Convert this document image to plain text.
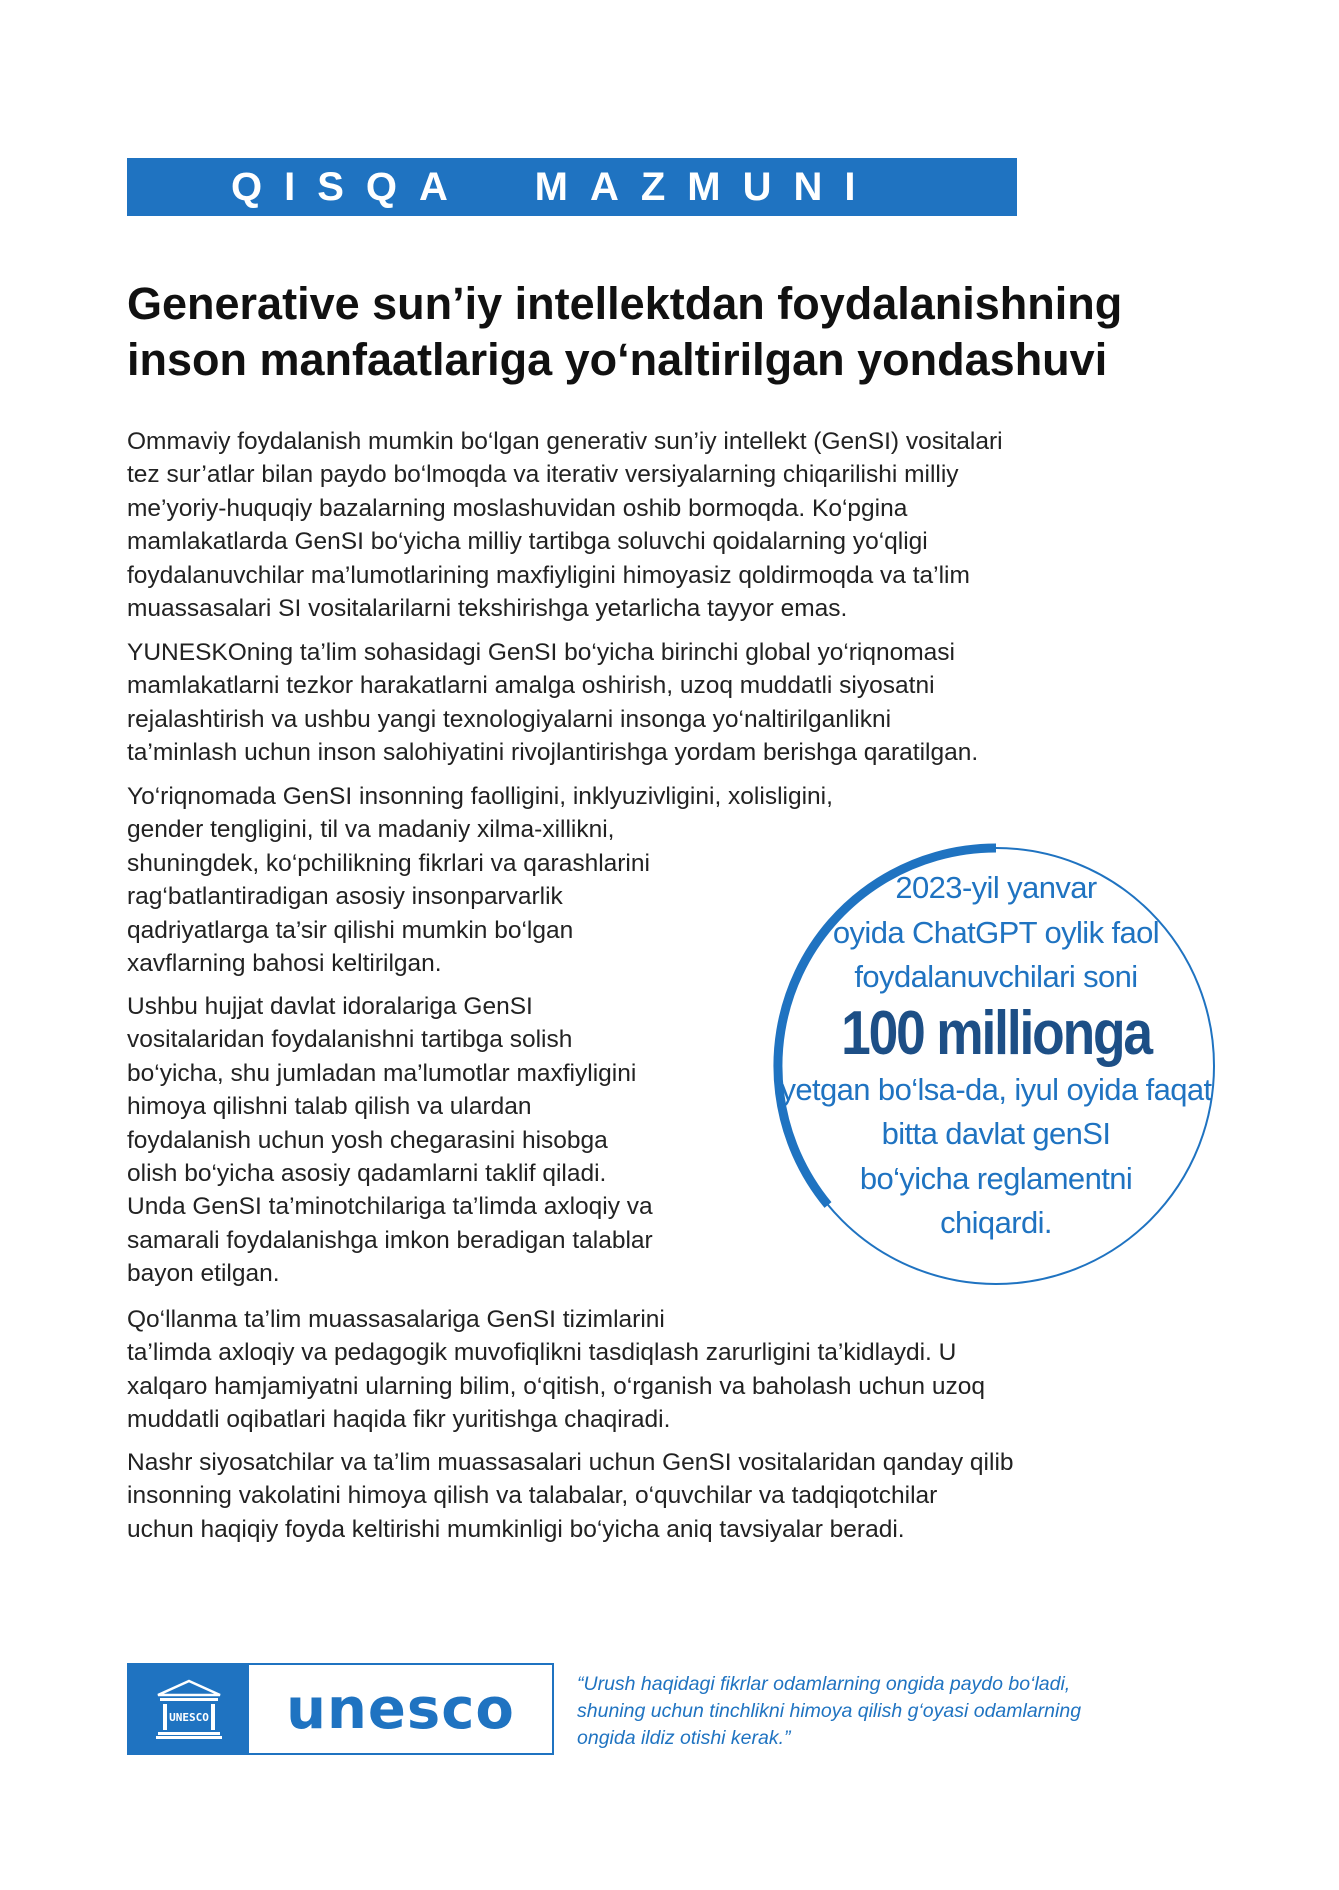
QISQA  MAZMUNI
Generative sun’iy intellektdan foydalanishning
inson manfaatlariga yo‘naltirilgan yondashuvi
Ommaviy foydalanish mumkin bo‘lgan generativ sun’iy intellekt (GenSI) vositalari
tez sur’atlar bilan paydo bo‘lmoqda va iterativ versiyalarning chiqarilishi milliy
me’yoriy-huquqiy bazalarning moslashuvidan oshib bormoqda. Ko‘pgina
mamlakatlarda GenSI bo‘yicha milliy tartibga soluvchi qoidalarning yo‘qligi
foydalanuvchilar ma’lumotlarining maxfiyligini himoyasiz qoldirmoqda va ta’lim
muassasalari SI vositalarilarni tekshirishga yetarlicha tayyor emas.
YUNESKOning ta’lim sohasidagi GenSI bo‘yicha birinchi global yo‘riqnomasi
mamlakatlarni tezkor harakatlarni amalga oshirish, uzoq muddatli siyosatni
rejalashtirish va ushbu yangi texnologiyalarni insonga yo‘naltirilganlikni
ta’minlash uchun inson salohiyatini rivojlantirishga yordam berishga qaratilgan.
Yo‘riqnomada GenSI insonning faolligini, inklyuzivligini, xolisligini,
gender tengligini, til va madaniy xilma-xillikni,
shuningdek, ko‘pchilikning fikrlari va qarashlarini
rag‘batlantiradigan asosiy insonparvarlik
qadriyatlarga ta’sir qilishi mumkin bo‘lgan
xavflarning bahosi keltirilgan.
Ushbu hujjat davlat idoralariga GenSI
vositalaridan foydalanishni tartibga solish
bo‘yicha, shu jumladan ma’lumotlar maxfiyligini
himoya qilishni talab qilish va ulardan
foydalanish uchun yosh chegarasini hisobga
olish bo‘yicha asosiy qadamlarni taklif qiladi.
Unda GenSI ta’minotchilariga ta’limda axloqiy va
samarali foydalanishga imkon beradigan talablar
bayon etilgan.
Qo‘llanma ta’lim muassasalariga GenSI tizimlarini
ta’limda axloqiy va pedagogik muvofiqlikni tasdiqlash zarurligini ta’kidlaydi. U
xalqaro hamjamiyatni ularning bilim, o‘qitish, o‘rganish va baholash uchun uzoq
muddatli oqibatlari haqida fikr yuritishga chaqiradi.
Nashr siyosatchilar va ta’lim muassasalari uchun GenSI vositalaridan qanday qilib
insonning vakolatini himoya qilish va talabalar, o‘quvchilar va tadqiqotchilar
uchun haqiqiy foyda keltirishi mumkinligi bo‘yicha aniq tavsiyalar beradi.
2023-yil yanvar
oyida ChatGPT oylik faol
foydalanuvchilari soni
100 millionga
yetgan bo‘lsa-da, iyul oyida faqat
bitta davlat genSI
bo‘yicha reglamentni
chiqardi.
UNESCO	unesco	“Urush haqidagi fikrlar odamlarning ongida paydo bo‘ladi,
shuning uchun tinchlikni himoya qilish g‘oyasi odamlarning
ongida ildiz otishi kerak.”
